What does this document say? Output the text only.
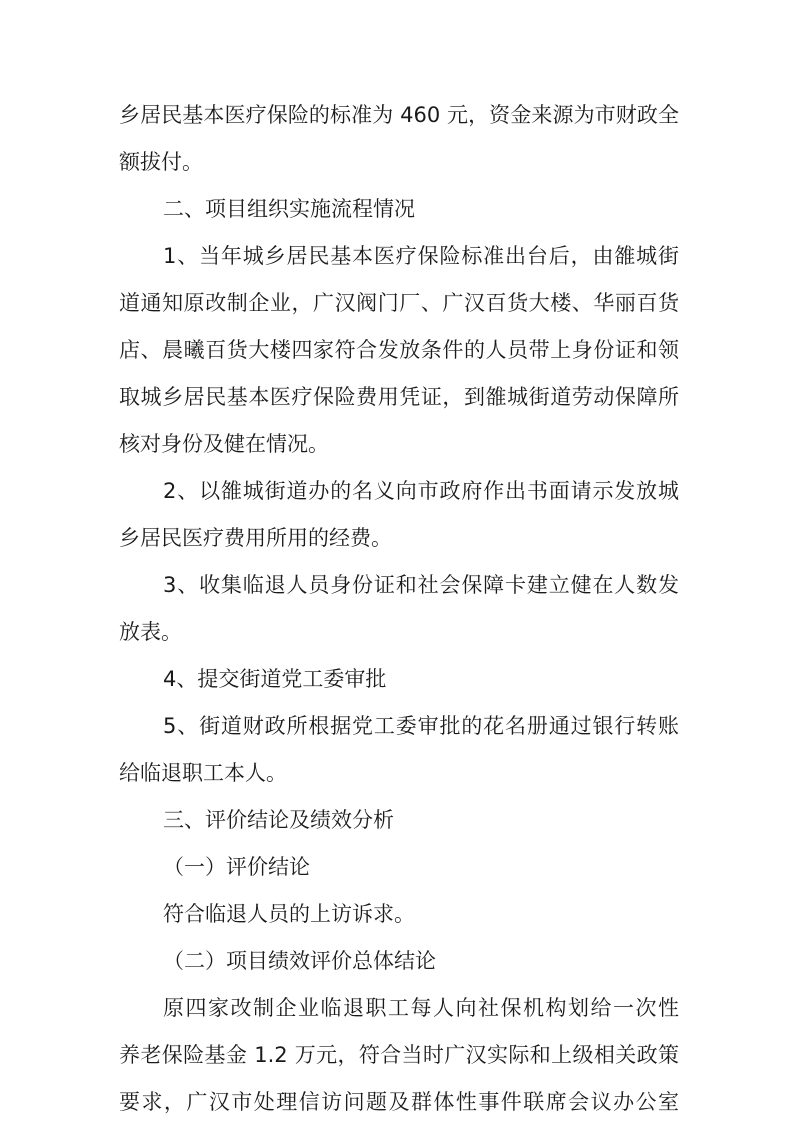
乡居民基本医疗保险的标准为 460 元，资金来源为市财政全
额拔付。
二、项目组织实施流程情况
1、当年城乡居民基本医疗保险标准出台后，由雒城街
道通知原改制企业，广汉阀门厂、广汉百货大楼、华丽百货
店、晨曦百货大楼四家符合发放条件的人员带上身份证和领
取城乡居民基本医疗保险费用凭证，到雒城街道劳动保障所
核对身份及健在情况。
2、以雒城街道办的名义向市政府作出书面请示发放城
乡居民医疗费用所用的经费。
3、收集临退人员身份证和社会保障卡建立健在人数发
放表。
4、提交街道党工委审批
5、街道财政所根据党工委审批的花名册通过银行转账
给临退职工本人。
三、评价结论及绩效分析
（一）评价结论
符合临退人员的上访诉求。
（二）项目绩效评价总体结论
原四家改制企业临退职工每人向社保机构划给一次性
养老保险基金 1.2 万元，符合当时广汉实际和上级相关政策
要求，广汉市处理信访问题及群体性事件联席会议办公室
